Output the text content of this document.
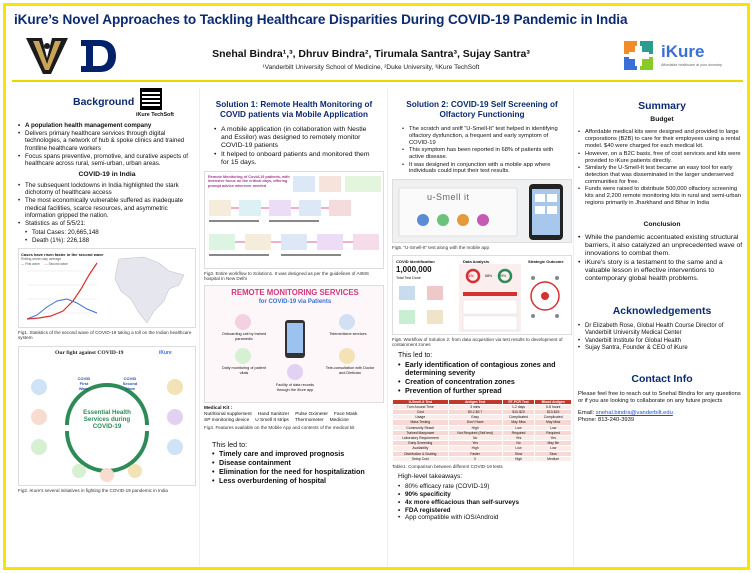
iKure’s Novel Approaches to Tackling Healthcare Disparities During COVID-19 Pandemic in India
Snehal Bindra¹,³, Dhruv Bindra², Tirumala Santra³, Sujay Santra³
¹Vanderbilt University School of Medicine, ²Duke University, ³iKure TechSoft
iKure
Affordable healthcare at your doorstep
Background
iKure TechSoft
• A population health management company
• Delivers primary healthcare services through digital technologies, a network of hub & spoke clinics and trained frontline healthcare workers
• Focus spans preventive, promotive, and curative aspects of healthcare across rural, semi-urban, urban areas.
COVID-19 in India
• The subsequent lockdowns in India highlighted the stark dichotomy of healthcare access
• The most economically vulnerable suffered as inadequate medical facilities, scarce resources, and asymmetric information gripped the nation.
• Statistics as of 5/5/21:
• Total Cases: 20,665,148
• Death (1%): 226,188
Cases have risen faster in the second wave
Rolling seven-day average
— First wave — Second wave
Fig1. Statistics of the second wave of COVID-19 taking a toll on the Indian healthcare system
Our fight against COVID-19	iKure
COVID First Wave
COVID Second Wave
Essential Health Services during COVID-19
Fig2. iKure's several initiatives in fighting the COVID-19 pandemic in India
Solution 1: Remote Health Monitoring of COVID patients via Mobile Application
• A mobile application (in collaboration with Nestle and Essilor) was designed to remotely monitor COVID-19 patients
• It helped to onboard patients and monitored them for 15 days.
Remote Monitoring of Covid-19 patients, with intensive focus on the critical days, offering prompt advice wherever needed
Fig3. Entire workflow to Solution1. It was designed as per the guidelines of AIIMS hospital in New Delhi
REMOTE MONITORING SERVICES
for COVID-19 via Patients
Onboarding call by trained paramedic
Telemedicine services
Daily monitoring of patient vitals
Tele-consultation with Doctor and Dietician
Facility of data records through the iKure app
Medical Kit :
Nutritional supplement Hand Sanitizer Pulse Oximeter Face Mask
SP monitoring device U Smell It strips Thermometer Medicine
Fig4. Features available on the Mobile App and contents of the medical kit
This led to:
• Timely care and improved prognosis
• Disease containment
• Elimination for the need for hospitalization
• Less overburdening of hospital
Solution 2: COVID-19 Self Screening of Olfactory Functioning
• The scratch and sniff “U-Smell-It” test helped in identifying olfactory dysfunction, a frequent and early symptom of COVID-19
• This symptom has been reported in 68% of patients with active disease.
• It was designed in conjunction with a mobile app where individuals could input their test results.
u-Smell it
Fig5. “U-Smell-It” test along with the mobile app
COVID Identification	Data Analysis	Strategic Outcome
1,000,000
Total Test Done	11%	89%
68%
Fig6. Workflow of Solution 2: from data acquisition via test results to development of containment zones
This led to:
• Early identification of contagious zones and determining severity
• Creation of concentration zones
• Prevention of further spread
U-Smell-It Test	Antigen Test	RT-PCR Test	Blood Antigen
Turn Around Time	3 mins	1-2 days	6-8 hours
Cost	$0.2-$0.7	$10-$20	$10-$15
Usage	Easy	Complicated	Complicated
Mass Testing	Don't Have	May Miss	May Miss
Community Reach	High	Low	Low
Trained Manpower	Not Required (Self test)	Required	Required
Laboratory Requirement	No	Yes	Yes
Early Screening	Yes	No	May Be
Availability	High	Low	Low
Distribution & Scaling	Faster	Slow	Slow
Setup Cost	0	High	Medium
Table1. Comparison between different COVID-19 tests
High-level takeaways:
• 80% efficacy rate (COVID-19)
• 90% specificity
• 4x more efficacious than self-surveys
• FDA registered
• App compatible with iOS/Android
Summary
Budget
• Affordable medical kits were designed and provided to large corporations (B2B) to care for their employees using a rental model. $40 were charged for each medical kit.
• However, on a B2C basis, free of cost services and kits were provided to iKure patients directly.
• Similarly the U-Smell-It test became an easy tool for early detection that was disseminated in the larger underserved communities for free.
• Funds were raised to distribute 500,000 olfactory screening kits and 2,200 remote monitoring kits in rural and semi-urban regions primarily in Jharkhand and Bihar in India
Conclusion
• While the pandemic accentuated existing structural barriers, it also catalyzed an unprecedented wave of innovations to combat them.
• iKure's story is a testament to the same and a valuable lesson in effective interventions to contemporary global health problems.
Acknowledgements
• Dr Elizabeth Rose, Global Health Course Director of Vanderbilt University Medical Center
• Vanderbilt Institute for Global Health
• Sujay Santra, Founder & CEO of iKure
Contact Info
Please feel free to reach out to Snehal Bindra for any questions or if you are looking to collaborate on any future projects
Email: snehal.bindra@vanderbilt.edu
Phone: 813-240-3939
